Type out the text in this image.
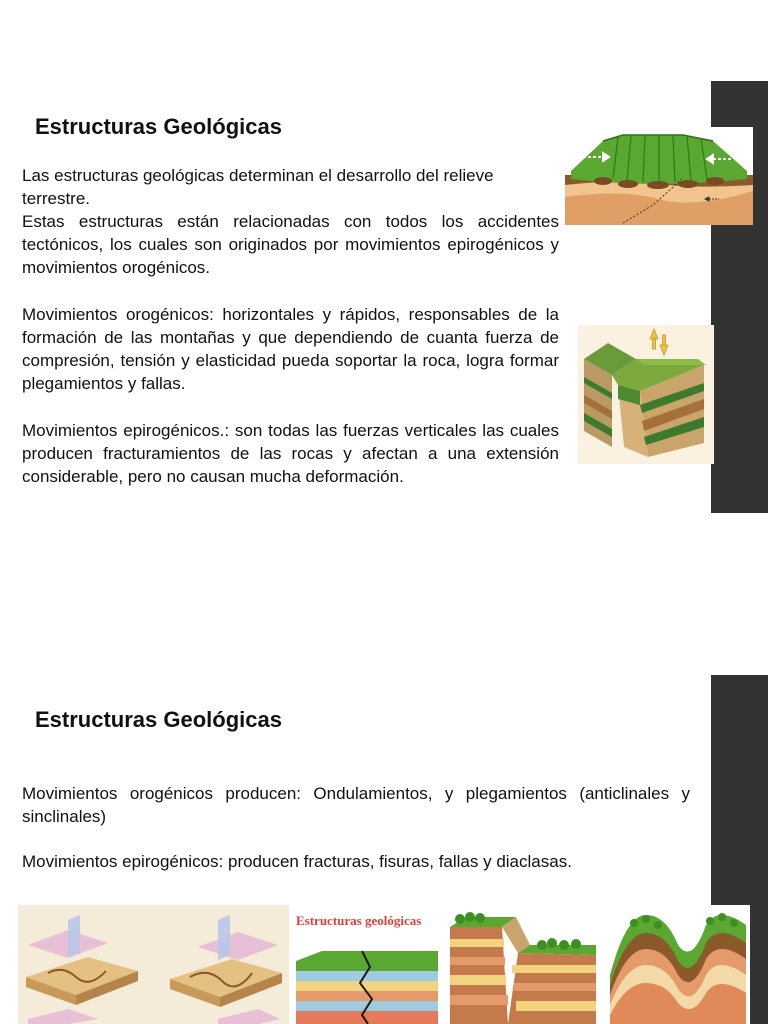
Estructuras Geológicas

Las estructuras geológicas determinan el desarrollo del relieve

terrestre.

Estas estructuras están relacionadas con todos los accidentes tectónicos, los cuales son originados por movimientos epirogénicos y movimientos orogénicos.

Movimientos orogénicos: horizontales y rápidos, responsables de la formación de las montañas y que dependiendo de cuanta fuerza de compresión, tensión y elasticidad pueda soportar la roca, logra formar plegamientos y fallas.

Movimientos epirogénicos.: son todas las fuerzas verticales las cuales producen fracturamientos de las rocas y afectan a una extensión considerable, pero no causan mucha deformación.

Estructuras Geológicas

Movimientos orogénicos producen: Ondulamientos, y plegamientos (anticlinales y sinclinales)

Movimientos epirogénicos: producen fracturas, fisuras, fallas y diaclasas.

Estructuras geológicas
